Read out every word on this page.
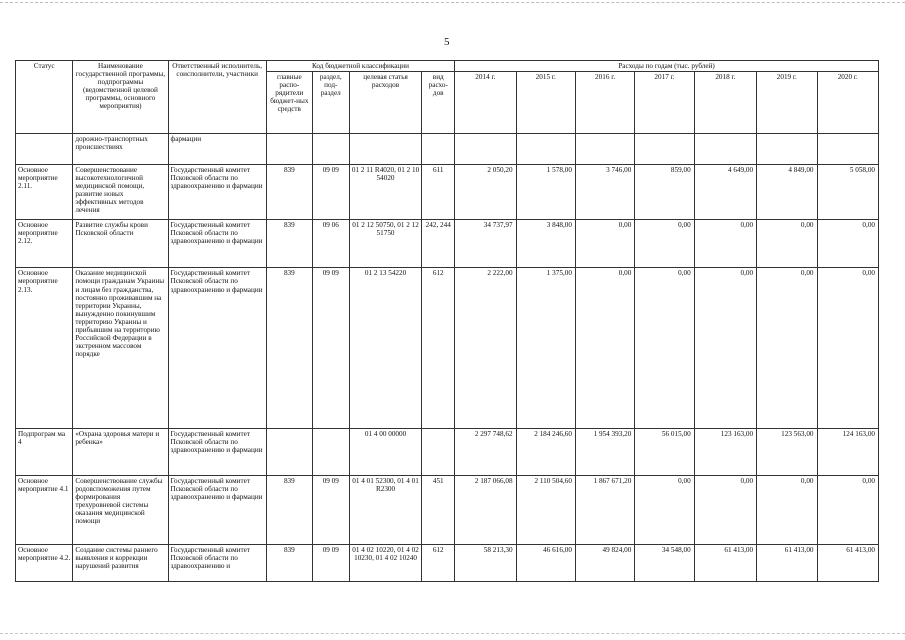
5
Статус	Наименование государственной программы, подпрограммы (ведомственной целевой программы, основного мероприятия)	Ответственный исполнитель, соисполнители, участники	Код бюджетной классификации				Расходы по годам (тыс. рублей)						
			главные распо-рядители бюджет-ных средств	раздел, под-раздел	целевая статья расходов	вид расхо-дов	2014 г.	2015 г.	2016 г.	2017 г.	2018 г.	2019 г.	2020 г.
	дорожно-транспортных происшествиях	фармации											
Основное мероприятие 2.11.	Совершенствование высокотехнологичной медицинской помощи, развитие новых эффективных методов лечения	Государственный комитет Псковской области по здравоохранению и фармации	839	09 09	01 2 11 R4020, 01 2 10 54020	611	2 050,20	1 578,00	3 746,00	859,00	4 649,00	4 849,00	5 058,00
Основное мероприятие 2.12.	Развитие службы крови Псковской области	Государственный комитет Псковской области по здравоохранению и фармации	839	09 06	01 2 12 50750, 01 2 12 51750	242, 244	34 737,97	3 848,00	0,00	0,00	0,00	0,00	0,00
Основное мероприятие 2.13.	Оказание медицинской помощи гражданам Украины и лицам без гражданства, постоянно проживавшим на территории Украины, вынужденно покинувшим территорию Украины и прибывшим на территорию Российской Федерации в экстренном массовом порядке	Государственный комитет Псковской области по здравоохранению и фармации	839	09 09	01 2 13 54220	612	2 222,00	1 375,00	0,00	0,00	0,00	0,00	0,00
Подпрограм ма 4	«Охрана здоровья матери и ребенка»	Государственный комитет Псковской области по здравоохранению и фармации			01 4 00 00000		2 297 748,62	2 184 246,60	1 954 393,20	56 015,00	123 163,00	123 563,00	124 163,00
Основное мероприятие 4.1	Совершенствование службы родовспоможения путем формирования трехуровневой системы оказания медицинской помощи	Государственный комитет Псковской области по здравоохранению и фармации	839	09 09	01 4 01 52300, 01 4 01 R2300	451	2 187 066,08	2 110 504,60	1 867 671,20	0,00	0,00	0,00	0,00
Основное мероприятие 4.2.	Создание системы раннего выявления и коррекции нарушений развития	Государственный комитет Псковской области по здравоохранению и	839	09 09	01 4 02 10220, 01 4 02 10230, 01 4 02 10240	612	58 213,30	46 616,00	49 824,00	34 548,00	61 413,00	61 413,00	61 413,00
